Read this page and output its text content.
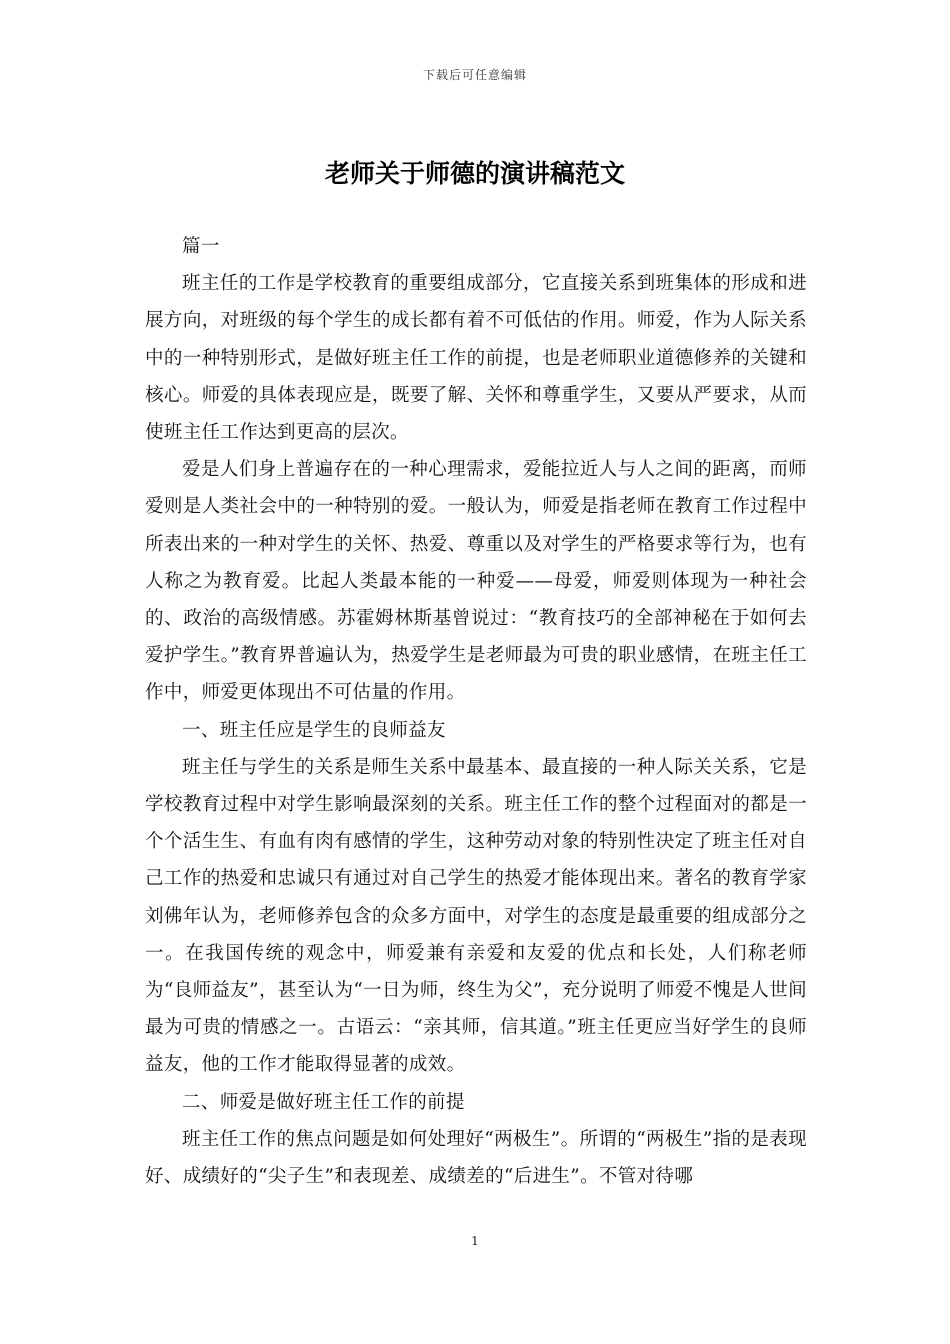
下载后可任意编辑
老师关于师德的演讲稿范文

篇一

班主任的工作是学校教育的重要组成部分，它直接关系到班集体的形成和进展方向，对班级的每个学生的成长都有着不可低估的作用。师爱，作为人际关系中的一种特别形式，是做好班主任工作的前提，也是老师职业道德修养的关键和核心。师爱的具体表现应是，既要了解、关怀和尊重学生，又要从严要求，从而使班主任工作达到更高的层次。

爱是人们身上普遍存在的一种心理需求，爱能拉近人与人之间的距离，而师爱则是人类社会中的一种特别的爱。一般认为，师爱是指老师在教育工作过程中所表出来的一种对学生的关怀、热爱、尊重以及对学生的严格要求等行为，也有人称之为教育爱。比起人类最本能的一种爱——母爱，师爱则体现为一种社会的、政治的高级情感。苏霍姆林斯基曾说过：“教育技巧的全部神秘在于如何去爱护学生。”教育界普遍认为，热爱学生是老师最为可贵的职业感情，在班主任工作中，师爱更体现出不可估量的作用。

一、班主任应是学生的良师益友

班主任与学生的关系是师生关系中最基本、最直接的一种人际关关系，它是学校教育过程中对学生影响最深刻的关系。班主任工作的整个过程面对的都是一个个活生生、有血有肉有感情的学生，这种劳动对象的特别性决定了班主任对自己工作的热爱和忠诚只有通过对自己学生的热爱才能体现出来。著名的教育学家刘佛年认为，老师修养包含的众多方面中，对学生的态度是最重要的组成部分之一。在我国传统的观念中，师爱兼有亲爱和友爱的优点和长处，人们称老师为“良师益友”，甚至认为“一日为师，终生为父”，充分说明了师爱不愧是人世间最为可贵的情感之一。古语云：“亲其师，信其道。”班主任更应当好学生的良师益友，他的工作才能取得显著的成效。

二、师爱是做好班主任工作的前提

班主任工作的焦点问题是如何处理好“两极生”。所谓的“两极生”指的是表现好、成绩好的“尖子生”和表现差、成绩差的“后进生”。不管对待哪

1
